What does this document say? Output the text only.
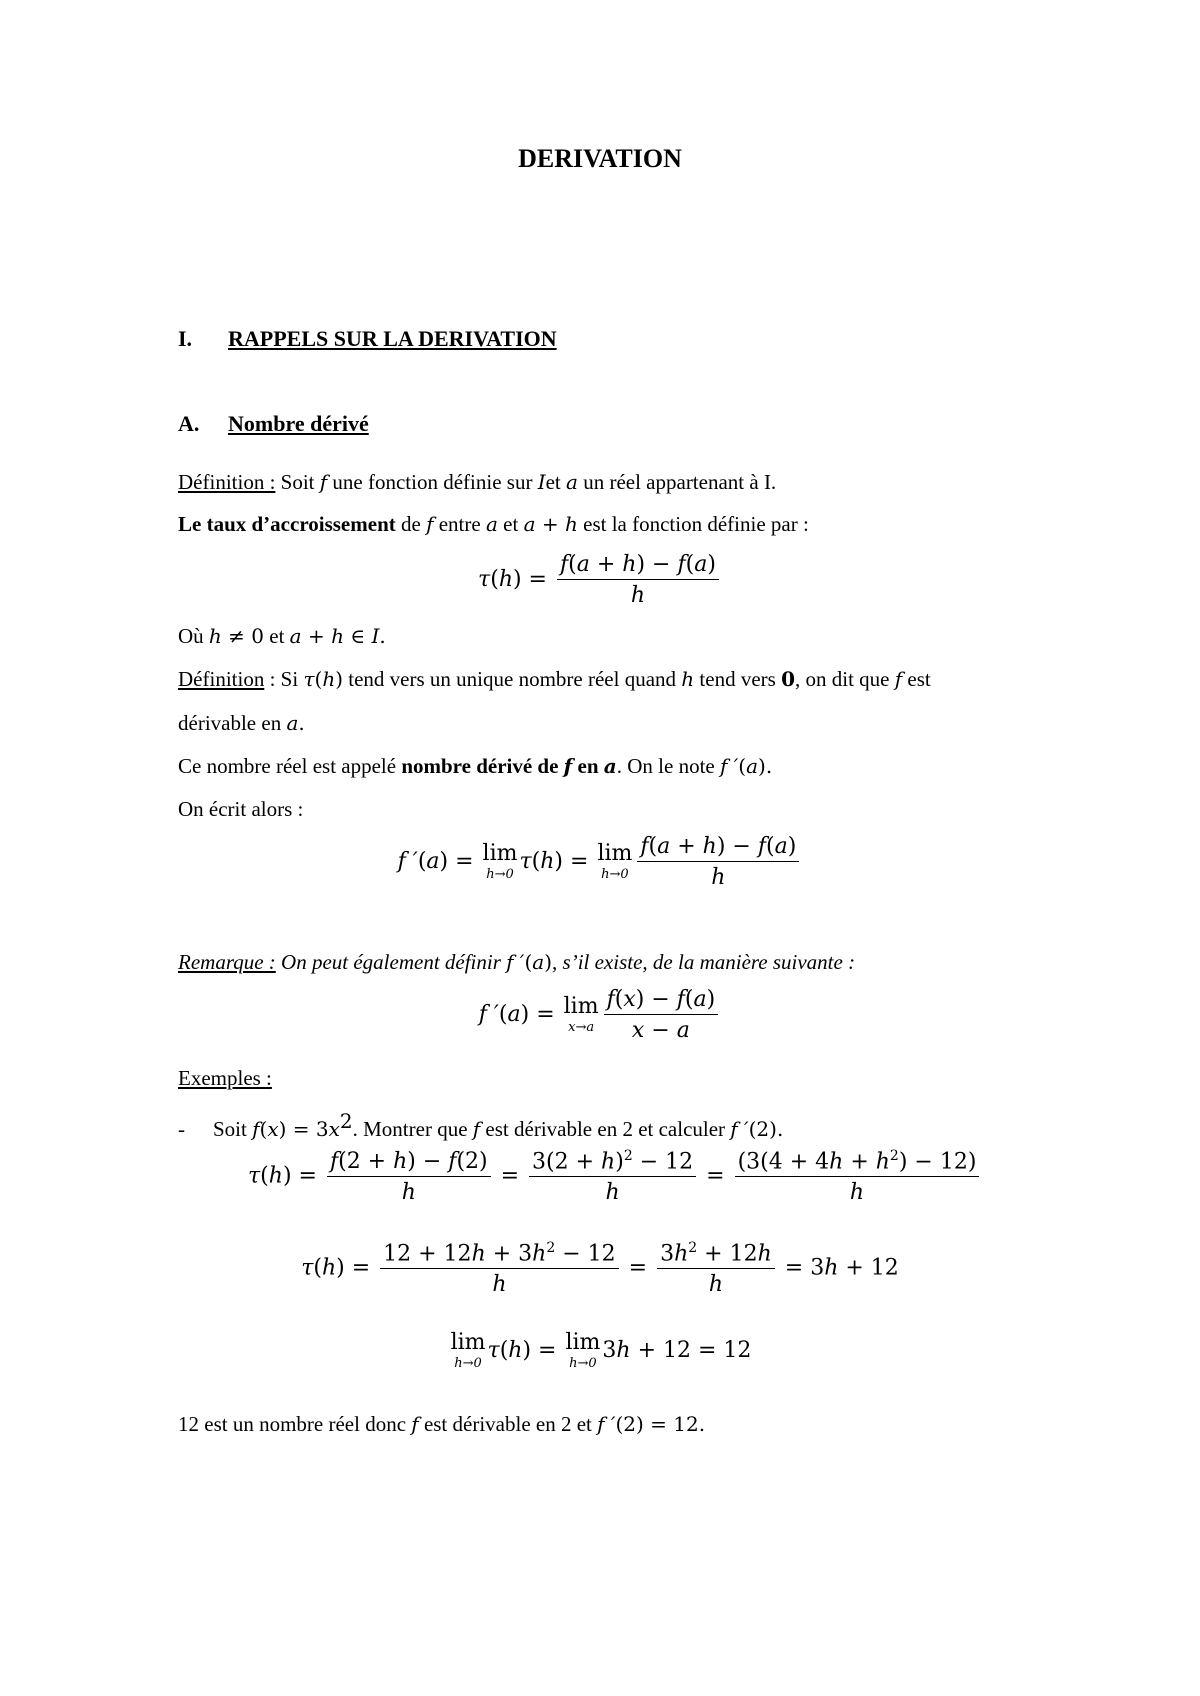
DERIVATION
I. RAPPELS SUR LA DERIVATION
A. Nombre dérivé
Définition : Soit f une fonction définie sur Iet a un réel appartenant à I.
Le taux d’accroissement de f entre a et a + h est la fonction définie par :
$\tau(h) = \frac{f(a + h) - f(a)}{h}$
Où h ≠ 0 et a + h ∈ I.
Définition : Si τ(h) tend vers un unique nombre réel quand h tend vers 0, on dit que f est
dérivable en a.
Ce nombre réel est appelé nombre dérivé de f en a. On le note f ′(a).
On écrit alors :
f ′(a) = lim
h→0
τ(h) = lim
$h\to 0 \frac{f(a + h) - f(a)}{h}$
Remarque : On peut également définir f ′(a), s’il existe, de la manière suivante :
f ′(a) = lim
$x\to a \frac{f(x) - f(a)}{x - a}$
Exemples :
- Soit $f(x) = 3x^2$. Montrer que f est dérivable en 2 et calculer f ′(2).
$\tau(h) = \frac{f(2 + h) - f(2)}{h} = \frac{3(2 + h)^2 - 12}{h} = \frac{(3(4 + 4h + h^2) - 12)}{h}$
$\tau(h) = \frac{12 + 12h + 3h^2 - 12}{h} = \frac{3h^2 + 12h}{h} = 3h + 12$
lim
h→0
τ(h) = lim
h→0
3h + 12 = 12
12 est un nombre réel donc f est dérivable en 2 et f ′(2) = 12.
